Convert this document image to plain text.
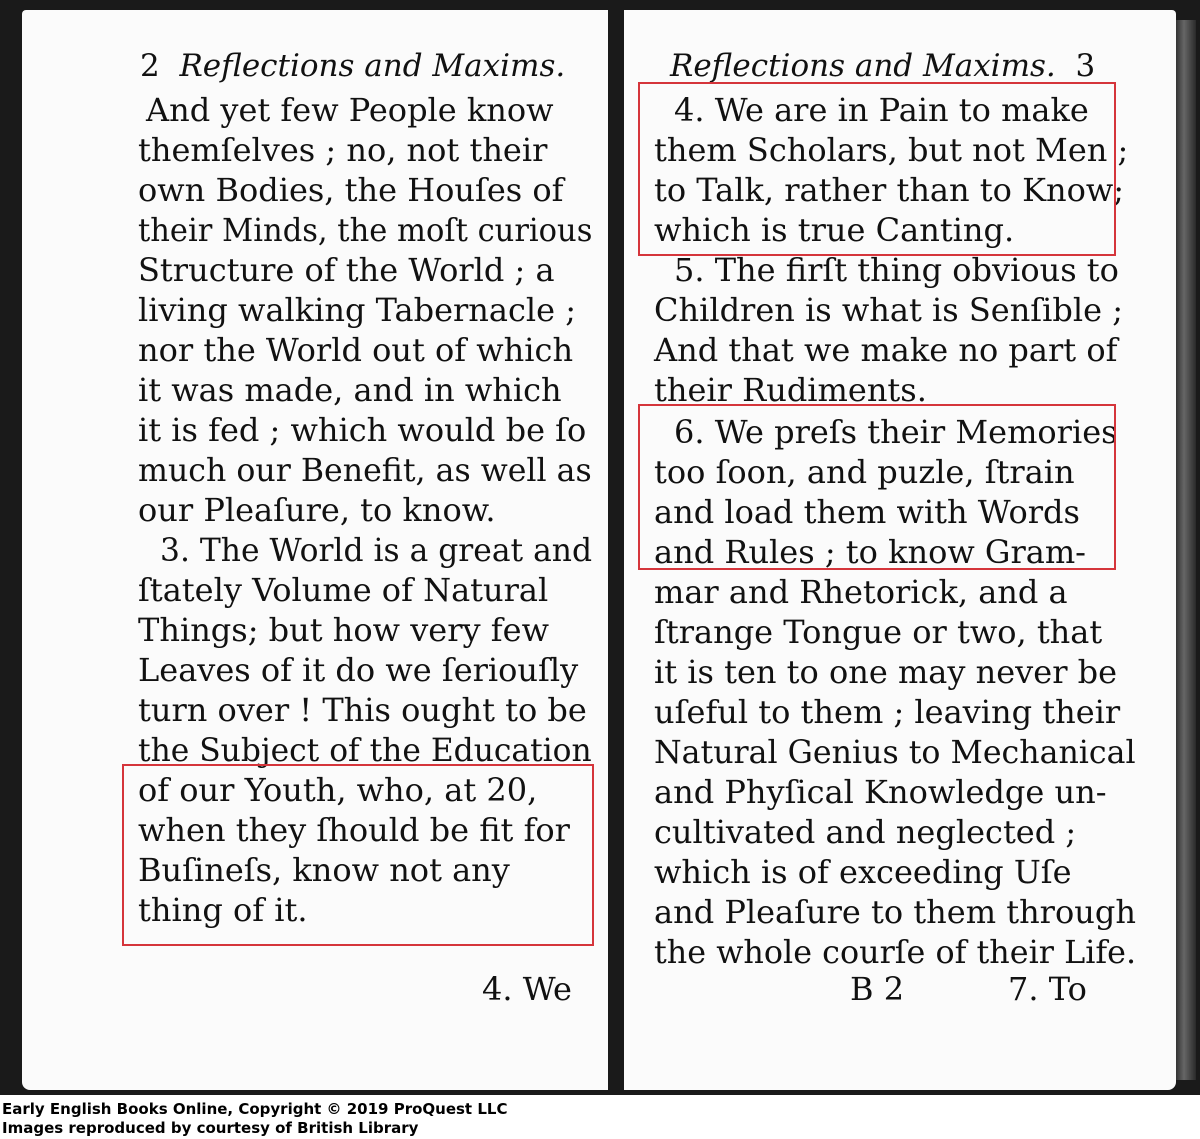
2 Reflections and Maxims.
And yet few People know
themſelves ; no, not their
own Bodies, the Houſes of
their Minds, the moſt curious
Structure of the World ; a
living walking Tabernacle ;
nor the World out of which
it was made, and in which
it is fed ; which would be ſo
much our Benefit, as well as
our Pleaſure, to know.
3. The World is a great and
ſtately Volume of Natural
Things; but how very few
Leaves of it do we ſeriouſly
turn over ! This ought to be
the Subject of the Education
of our Youth, who, at 20,
when they ſhould be fit for
Buſineſs, know not any
thing of it.
4. We
Reflections and Maxims. 3
4. We are in Pain to make
them Scholars, but not Men ;
to Talk, rather than to Know;
which is true Canting.
5. The firſt thing obvious to
Children is what is Senſible ;
And that we make no part of
their Rudiments.
6. We preſs their Memories
too ſoon, and puzle, ſtrain
and load them with Words
and Rules ; to know Gram-
mar and Rhetorick, and a
ſtrange Tongue or two, that
it is ten to one may never be
uſeful to them ; leaving their
Natural Genius to Mechanical
and Phyſical Knowledge un-
cultivated and neglected ;
which is of exceeding Uſe
and Pleaſure to them through
the whole courſe of their Life.
B 2	7. To
Early English Books Online, Copyright © 2019 ProQuest LLC
Images reproduced by courtesy of British Library
